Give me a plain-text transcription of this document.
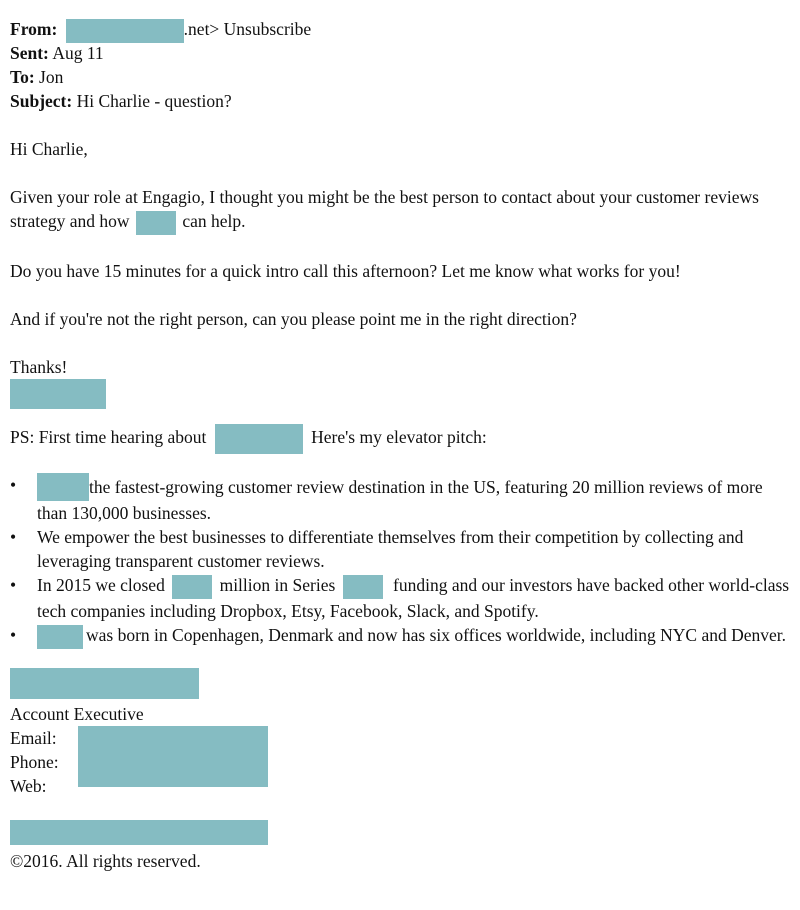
From:	.net> Unsubscribe
Sent: Aug 11
To: Jon
Subject: Hi Charlie - question?
Hi Charlie,

Given your role at Engagio, I thought you might be the best person to contact about your customer reviews strategy and how	can help.

Do you have 15 minutes for a quick intro call this afternoon? Let me know what works for you!
And if you're not the right person, can you please point me in the right direction?
Thanks!
PS: First time hearing about	Here's my elevator pitch:
• the fastest-growing customer review destination in the US, featuring 20 million reviews of more than 130,000 businesses.
• We empower the best businesses to differentiate themselves from their competition by collecting and leveraging transparent customer reviews.
• In 2015 we closed	million in Series	funding and our investors have backed other world-class tech companies including Dropbox, Etsy, Facebook, Slack, and Spotify.
• was born in Copenhagen, Denmark and now has six offices worldwide, including NYC and Denver.
Account Executive
Email:
Phone:
Web:
©2016. All rights reserved.
